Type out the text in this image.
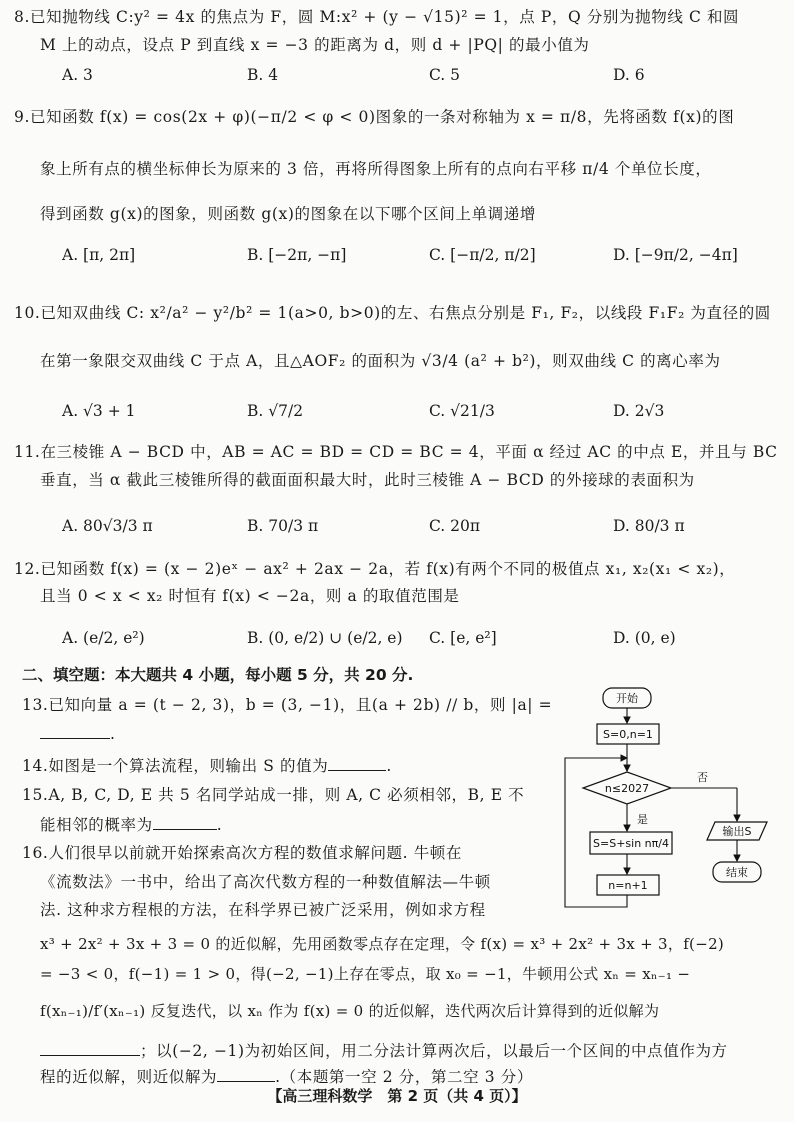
8.已知抛物线 C:y² = 4x 的焦点为 F，圆 M:x² + (y − √15)² = 1，点 P，Q 分别为抛物线 C 和圆
M 上的动点，设点 P 到直线 x = −3 的距离为 d，则 d + |PQ| 的最小值为
A. 3	B. 4	C. 5	D. 6
9.已知函数 f(x) = cos(2x + φ)(−π/2 < φ < 0)图象的一条对称轴为 x = π/8，先将函数 f(x)的图
象上所有点的横坐标伸长为原来的 3 倍，再将所得图象上所有的点向右平移 π/4 个单位长度，
得到函数 g(x)的图象，则函数 g(x)的图象在以下哪个区间上单调递增
A. [π, 2π]	B. [−2π, −π]	C. [−π/2, π/2]	D. [−9π/2, −4π]
10.已知双曲线 C: x²/a² − y²/b² = 1(a>0, b>0)的左、右焦点分别是 F₁, F₂，以线段 F₁F₂ 为直径的圆
在第一象限交双曲线 C 于点 A，且△AOF₂ 的面积为 √3/4 (a² + b²)，则双曲线 C 的离心率为
A. √3 + 1	B. √7/2	C. √21/3	D. 2√3
11.在三棱锥 A − BCD 中，AB = AC = BD = CD = BC = 4，平面 α 经过 AC 的中点 E，并且与 BC
垂直，当 α 截此三棱锥所得的截面面积最大时，此时三棱锥 A − BCD 的外接球的表面积为
A. 80√3/3 π	B. 70/3 π	C. 20π	D. 80/3 π
12.已知函数 f(x) = (x − 2)eˣ − ax² + 2ax − 2a，若 f(x)有两个不同的极值点 x₁, x₂(x₁ < x₂)，
且当 0 < x < x₂ 时恒有 f(x) < −2a，则 a 的取值范围是
A. (e/2, e²)	B. (0, e/2) ∪ (e/2, e) C. [e, e²]	D. (0, e)
二、填空题：本大题共 4 小题，每小题 5 分，共 20 分.
13.已知向量 a = (t − 2, 3)，b = (3, −1)，且(a + 2b) // b，则 |a| =
.
14.如图是一个算法流程，则输出 S 的值为	.
15.A, B, C, D, E 共 5 名同学站成一排，则 A, C 必须相邻，B, E 不
能相邻的概率为	.
16.人们很早以前就开始探索高次方程的数值求解问题. 牛顿在
《流数法》一书中，给出了高次代数方程的一种数值解法—牛顿
法. 这种求方程根的方法，在科学界已被广泛采用，例如求方程
x³ + 2x² + 3x + 3 = 0 的近似解，先用函数零点存在定理，令 f(x) = x³ + 2x² + 3x + 3，f(−2)
= −3 < 0，f(−1) = 1 > 0，得(−2, −1)上存在零点，取 x₀ = −1，牛顿用公式 xₙ = xₙ₋₁ −
f(xₙ₋₁)/f′(xₙ₋₁) 反复迭代，以 xₙ 作为 f(x) = 0 的近似解，迭代两次后计算得到的近似解为
；以(−2, −1)为初始区间，用二分法计算两次后，以最后一个区间的中点值作为方
程的近似解，则近似解为	.（本题第一空 2 分，第二空 3 分）
开始
S=0,n=1
n≤2027
否
输出S
结束
是
S=S+sin nπ/4
n=n+1
【高三理科数学　第 2 页（共 4 页）】
